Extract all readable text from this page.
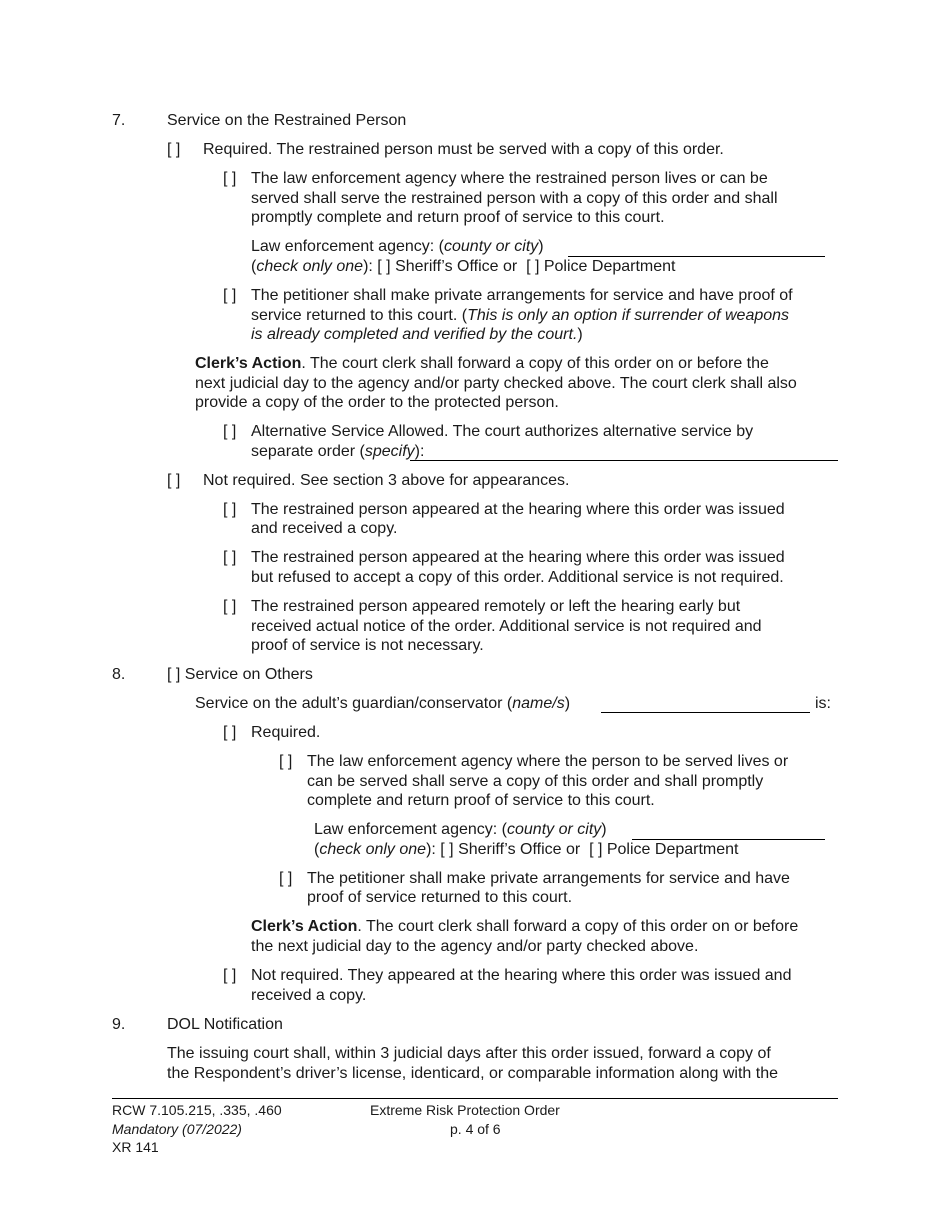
7.	Service on the Restrained Person
[ ] Required. The restrained person must be served with a copy of this order.
[ ] The law enforcement agency where the restrained person lives or can be
served shall serve the restrained person with a copy of this order and shall
promptly complete and return proof of service to this court.
Law enforcement agency: (county or city)
(check only one): [ ] Sheriff’s Office or  [ ] Police Department
[ ] The petitioner shall make private arrangements for service and have proof of
service returned to this court. (This is only an option if surrender of weapons
is already completed and verified by the court.)
Clerk’s Action. The court clerk shall forward a copy of this order on or before the
next judicial day to the agency and/or party checked above. The court clerk shall also
provide a copy of the order to the protected person.
[ ] Alternative Service Allowed. The court authorizes alternative service by
separate order (specify):
[ ] Not required. See section 3 above for appearances.
[ ] The restrained person appeared at the hearing where this order was issued
and received a copy.
[ ] The restrained person appeared at the hearing where this order was issued
but refused to accept a copy of this order. Additional service is not required.
[ ] The restrained person appeared remotely or left the hearing early but
received actual notice of the order. Additional service is not required and
proof of service is not necessary.
8.	[ ] Service on Others
Service on the adult’s guardian/conservator (name/s)	is:
[ ] Required.
[ ] The law enforcement agency where the person to be served lives or
can be served shall serve a copy of this order and shall promptly
complete and return proof of service to this court.
Law enforcement agency: (county or city)
(check only one): [ ] Sheriff’s Office or  [ ] Police Department
[ ] The petitioner shall make private arrangements for service and have
proof of service returned to this court.
Clerk’s Action. The court clerk shall forward a copy of this order on or before
the next judicial day to the agency and/or party checked above.
[ ] Not required. They appeared at the hearing where this order was issued and
received a copy.
9.	DOL Notification
The issuing court shall, within 3 judicial days after this order issued, forward a copy of
the Respondent’s driver’s license, identicard, or comparable information along with the
RCW 7.105.215, .335, .460
Mandatory (07/2022)
XR 141
Extreme Risk Protection Order
p. 4 of 6
